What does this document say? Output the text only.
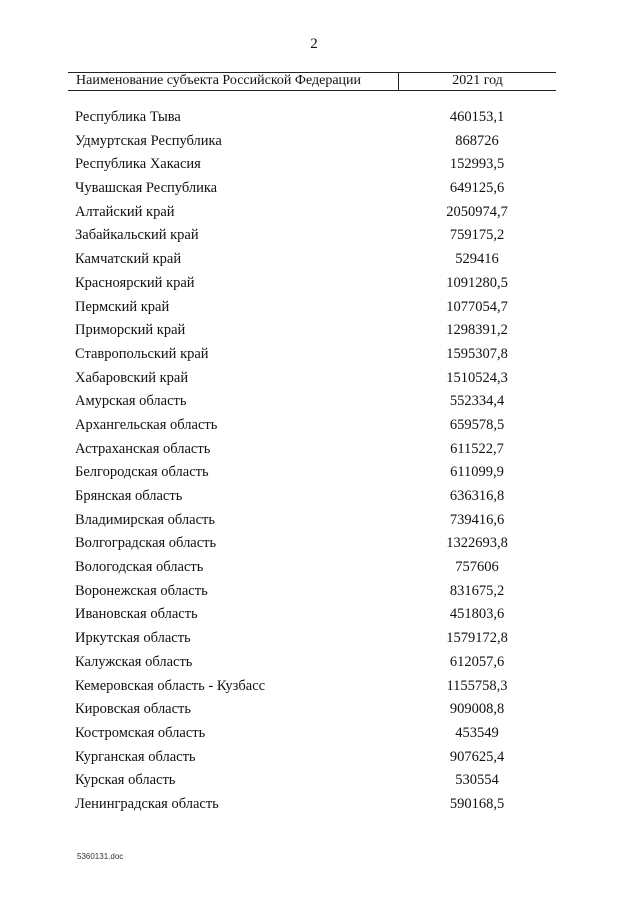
2
Наименование субъекта Российской Федерации	2021 год
Республика Тыва	460153,1
Удмуртская Республика	868726
Республика Хакасия	152993,5
Чувашская Республика	649125,6
Алтайский край	2050974,7
Забайкальский край	759175,2
Камчатский край	529416
Красноярский край	1091280,5
Пермский край	1077054,7
Приморский край	1298391,2
Ставропольский край	1595307,8
Хабаровский край	1510524,3
Амурская область	552334,4
Архангельская область	659578,5
Астраханская область	611522,7
Белгородская область	611099,9
Брянская область	636316,8
Владимирская область	739416,6
Волгоградская область	1322693,8
Вологодская область	757606
Воронежская область	831675,2
Ивановская область	451803,6
Иркутская область	1579172,8
Калужская область	612057,6
Кемеровская область - Кузбасс	1155758,3
Кировская область	909008,8
Костромская область	453549
Курганская область	907625,4
Курская область	530554
Ленинградская область	590168,5
5360131.doc
